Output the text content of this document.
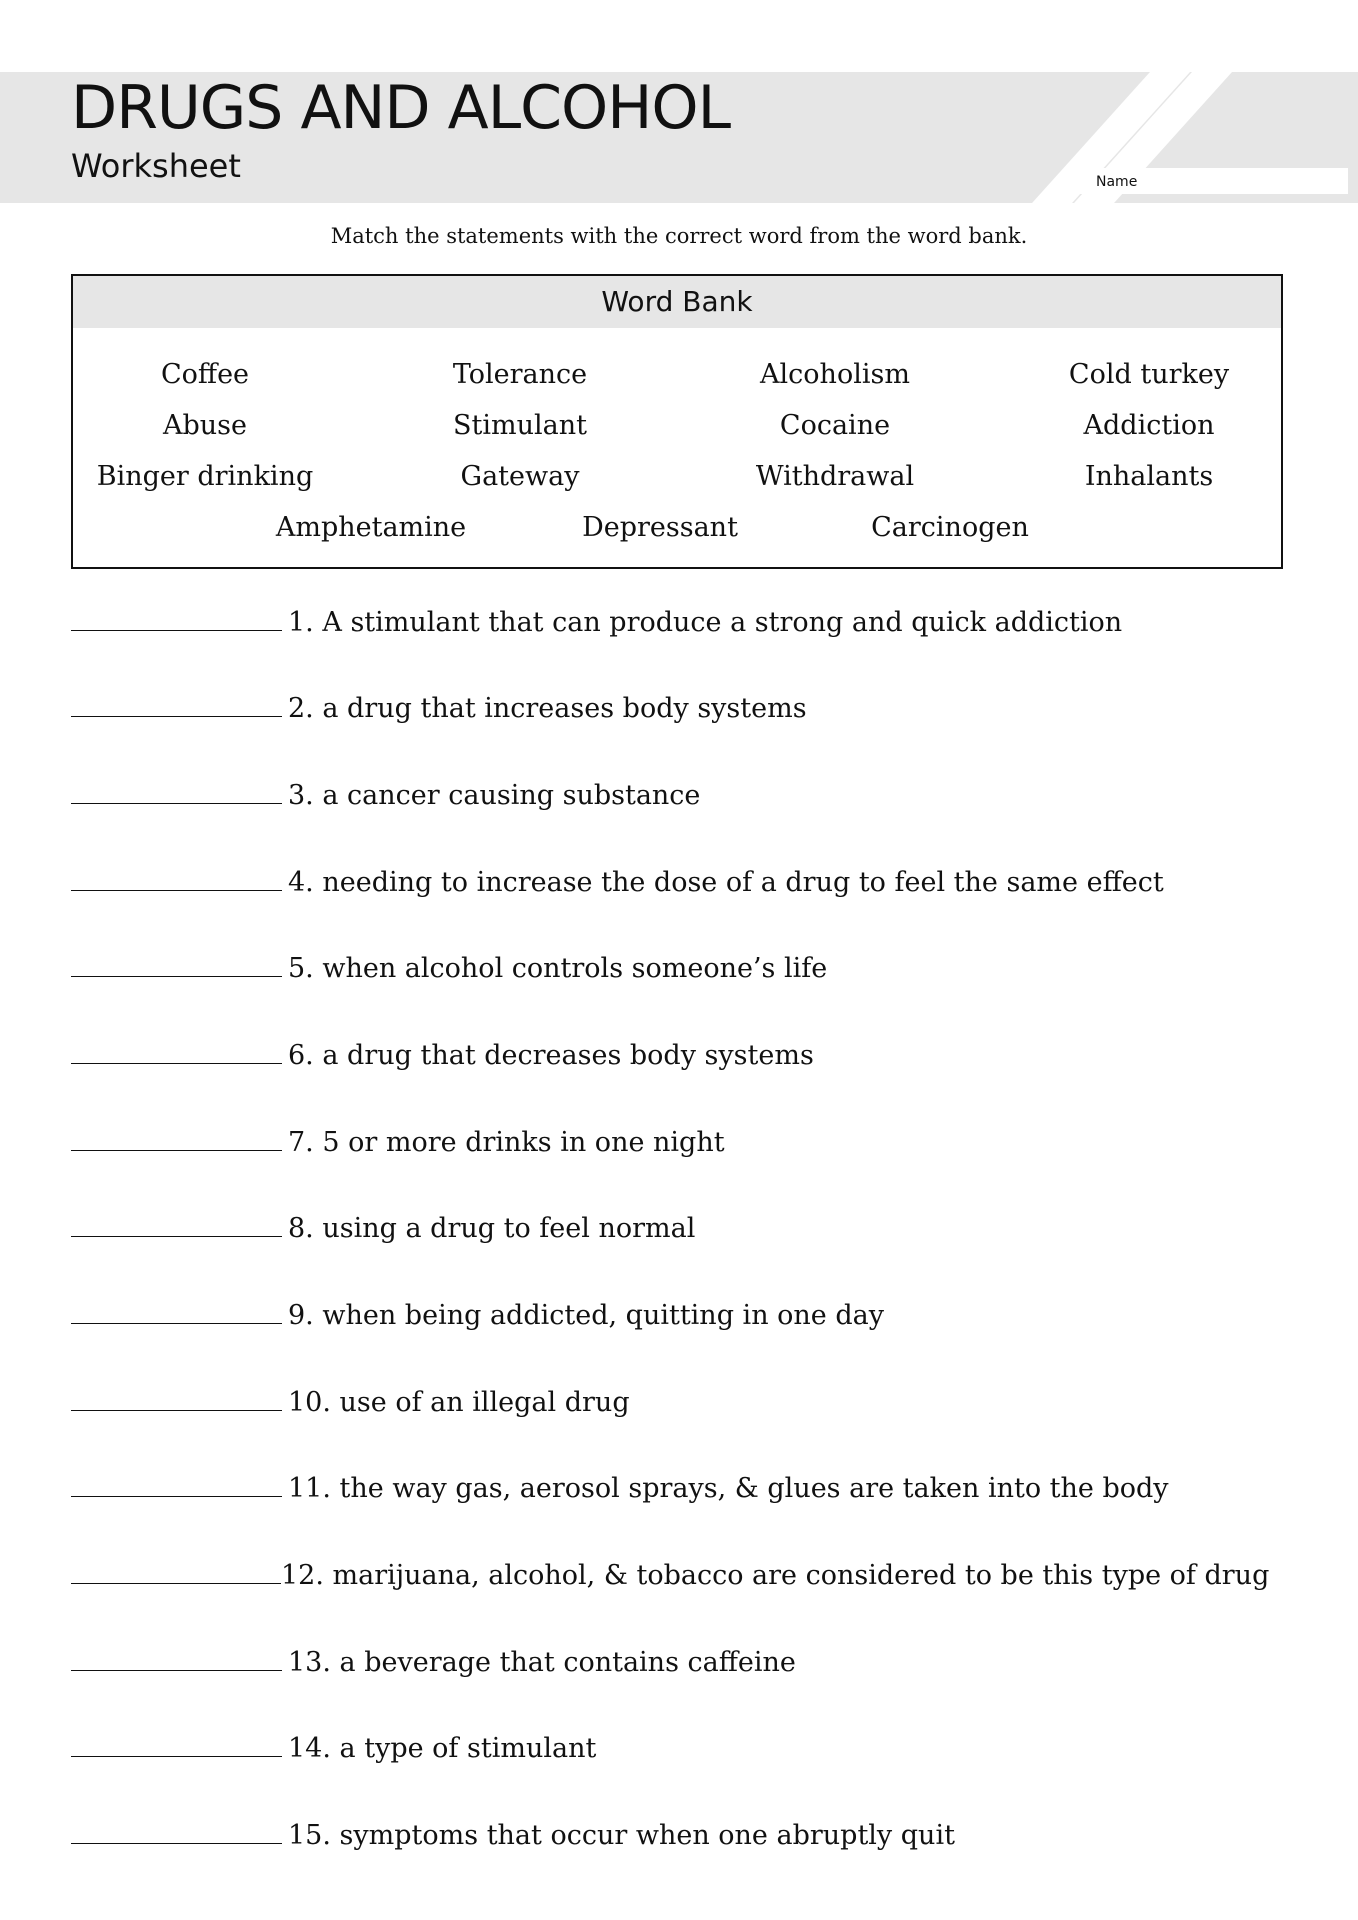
DRUGS AND ALCOHOL
Worksheet	Name
Match the statements with the correct word from the word bank.
Word Bank
Coffee	Tolerance	Alcoholism	Cold turkey
Abuse	Stimulant	Cocaine	Addiction
Binger drinking	Gateway	Withdrawal	Inhalants
Amphetamine	Depressant	Carcinogen
1. A stimulant that can produce a strong and quick addiction
2. a drug that increases body systems
3. a cancer causing substance
4. needing to increase the dose of a drug to feel the same effect
5. when alcohol controls someone’s life
6. a drug that decreases body systems
7. 5 or more drinks in one night
8. using a drug to feel normal
9. when being addicted, quitting in one day
10. use of an illegal drug
11. the way gas, aerosol sprays, & glues are taken into the body
12. marijuana, alcohol, & tobacco are considered to be this type of drug
13. a beverage that contains caffeine
14. a type of stimulant
15. symptoms that occur when one abruptly quit
